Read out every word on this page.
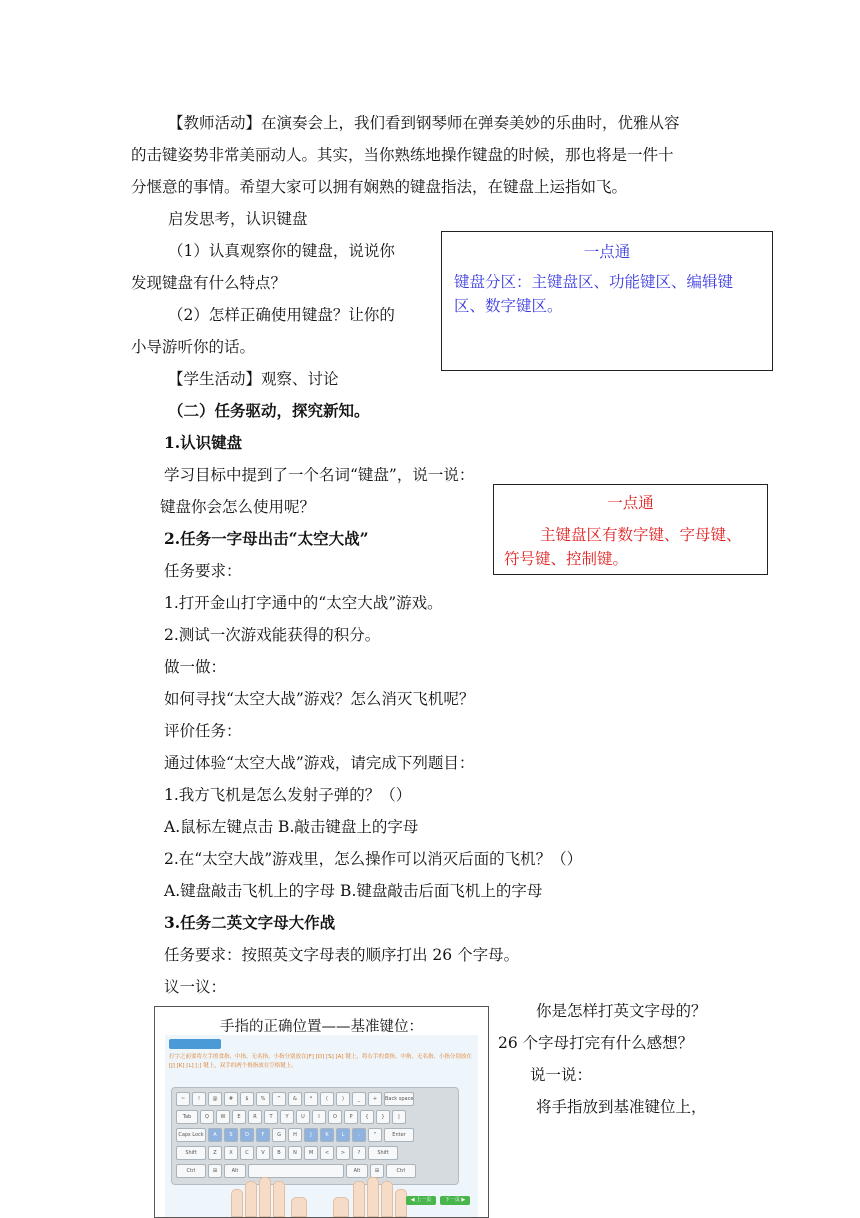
【教师活动】在演奏会上，我们看到钢琴师在弹奏美妙的乐曲时，优雅从容
的击键姿势非常美丽动人。其实，当你熟练地操作键盘的时候，那也将是一件十
分惬意的事情。希望大家可以拥有娴熟的键盘指法，在键盘上运指如飞。
启发思考，认识键盘
（1）认真观察你的键盘，说说你
发现键盘有什么特点？
（2）怎样正确使用键盘？让你的
小导游听你的话。
【学生活动】观察、讨论
（二）任务驱动，探究新知。
1.认识键盘
学习目标中提到了一个名词“键盘”，说一说：
键盘你会怎么使用呢？
2.任务一字母出击“太空大战”
任务要求：
1.打开金山打字通中的“太空大战”游戏。
2.测试一次游戏能获得的积分。
做一做：
如何寻找“太空大战”游戏？怎么消灭飞机呢？
评价任务：
通过体验“太空大战”游戏，请完成下列题目：
1.我方飞机是怎么发射子弹的？（）
A.鼠标左键点击 B.敲击键盘上的字母
2.在“太空大战”游戏里，怎么操作可以消灭后面的飞机？（）
A.键盘敲击飞机上的字母 B.键盘敲击后面飞机上的字母
3.任务二英文字母大作战
任务要求：按照英文字母表的顺序打出 26 个字母。
议一议：
你是怎样打英文字母的？
26 个字母打完有什么感想？
说一说：
将手指放到基准键位上，
一点通
键盘分区：主键盘区、功能键区、编辑键
区、数字键区。
一点通
主键盘区有数字键、字母键、
符号键、控制键。
手指的正确位置——基准键位：
打字之前要将左手的食指、中指、无名指、小指分别放在[F] [D] [S] [A] 键上，将右手的食指、中指、无名指、小指分别放在[J] [K] [L] [;] 键上，双手的两个拇指放在空格键上。
~	!	@	#	$	%	^	&	*	(	)	_	+	Back space
Tab	Q	W	E	R	T	Y	U	I	O	P	{	}	|
Caps Lock	A	S	D	F	G	H	J	K	L	:	"	Enter
Shift	Z	X	C	V	B	N	M	<	>	?	Shift
Ctrl	⊞	Alt	Alt	⊞	Ctrl
◀ 上一页	下一页 ▶
